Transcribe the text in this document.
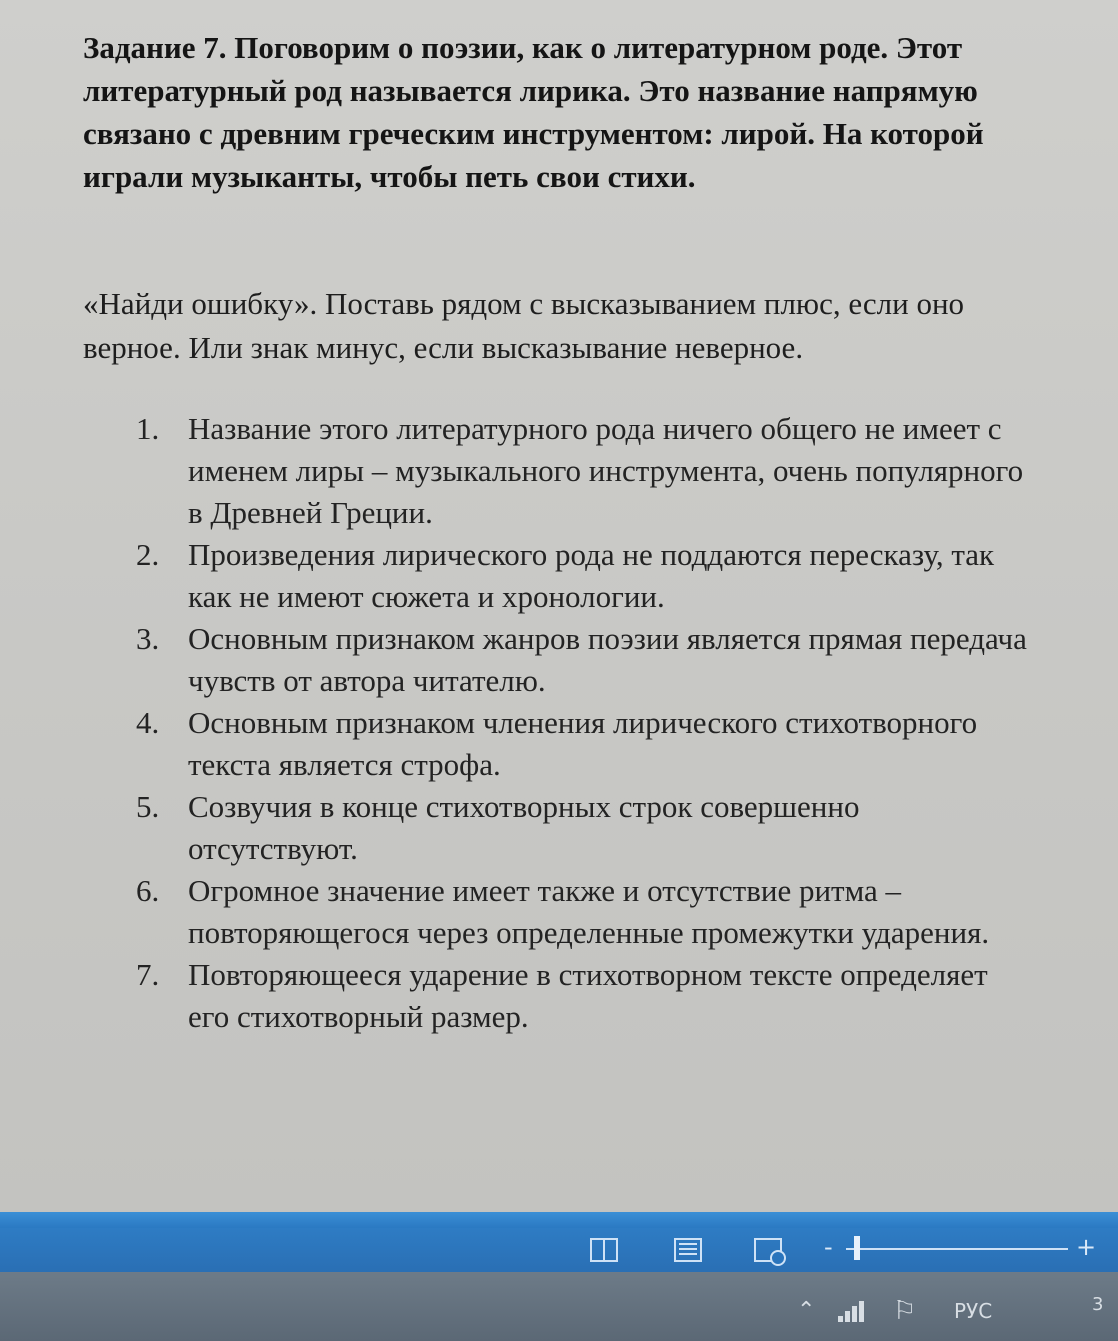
Задание 7. Поговорим о поэзии, как о литературном роде. Этот литературный род называется лирика. Это название напрямую связано с древним греческим инструментом: лирой. На которой играли музыканты, чтобы петь свои стихи.

«Найди ошибку». Поставь рядом с высказыванием плюс, если оно верное. Или знак минус, если высказывание неверное.

1. Название этого литературного рода ничего общего не имеет с именем лиры – музыкального инструмента, очень популярного в Древней Греции.
2. Произведения лирического рода не поддаются пересказу, так как не имеют сюжета и хронологии.
3. Основным признаком жанров поэзии является прямая передача чувств от автора читателю.
4. Основным признаком членения лирического стихотворного текста является строфа.
5. Созвучия в конце стихотворных строк совершенно отсутствуют.
6. Огромное значение имеет также и отсутствие ритма – повторяющегося через определенные промежутки ударения.
7. Повторяющееся ударение в стихотворном тексте определяет его стихотворный размер.
-	+
⌃	⚐ РУС	3
